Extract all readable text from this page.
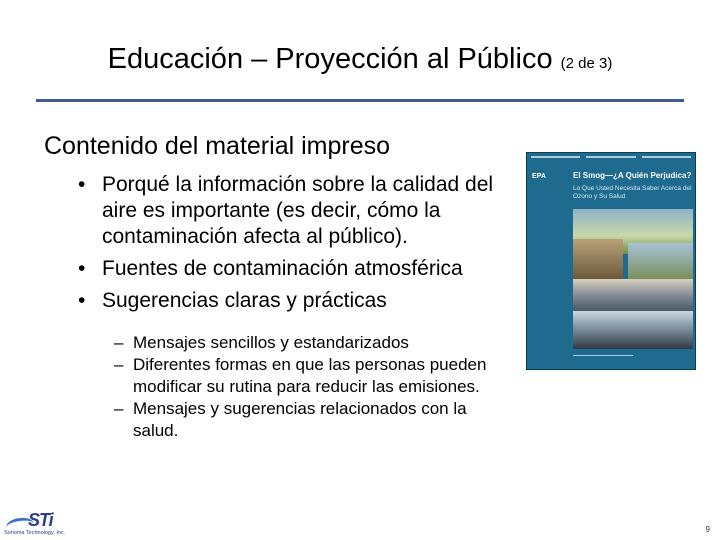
Educación – Proyección al Público (2 de 3)
Contenido del material impreso
• Porqué la información sobre la calidad del aire es importante (es decir, cómo la contaminación afecta al público).
• Fuentes de contaminación atmosférica
• Sugerencias claras y prácticas
– Mensajes sencillos y estandarizados
– Diferentes formas en que las personas pueden modificar su rutina para reducir las emisiones.
– Mensajes y sugerencias relacionados con la salud.
EPA	El Smog—¿A Quién Perjudica?
Lo Que Usted Necesita Saber Acerca del Ozono y Su Salud
STi
Sonoma Technology, Inc.	9
